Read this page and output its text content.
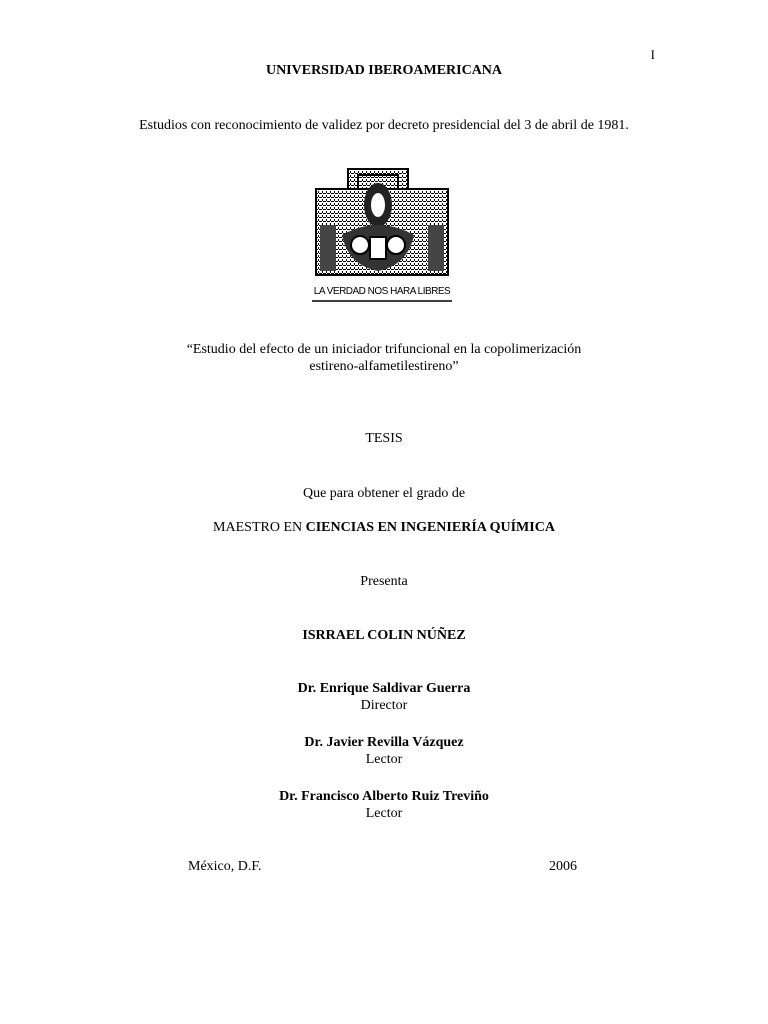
I
UNIVERSIDAD IBEROAMERICANA
Estudios con reconocimiento de validez por decreto presidencial del 3 de abril de 1981.
LA VERDAD NOS HARA LIBRES
“Estudio del efecto de un iniciador trifuncional en la copolimerización
estireno-alfametilestireno”
TESIS
Que para obtener el grado de
MAESTRO EN CIENCIAS EN INGENIERÍA QUÍMICA
Presenta
ISRRAEL COLIN NÚÑEZ
Dr. Enrique Saldivar Guerra
Director
Dr. Javier Revilla Vázquez
Lector
Dr. Francisco Alberto Ruiz Treviño
Lector
México, D.F.	2006
